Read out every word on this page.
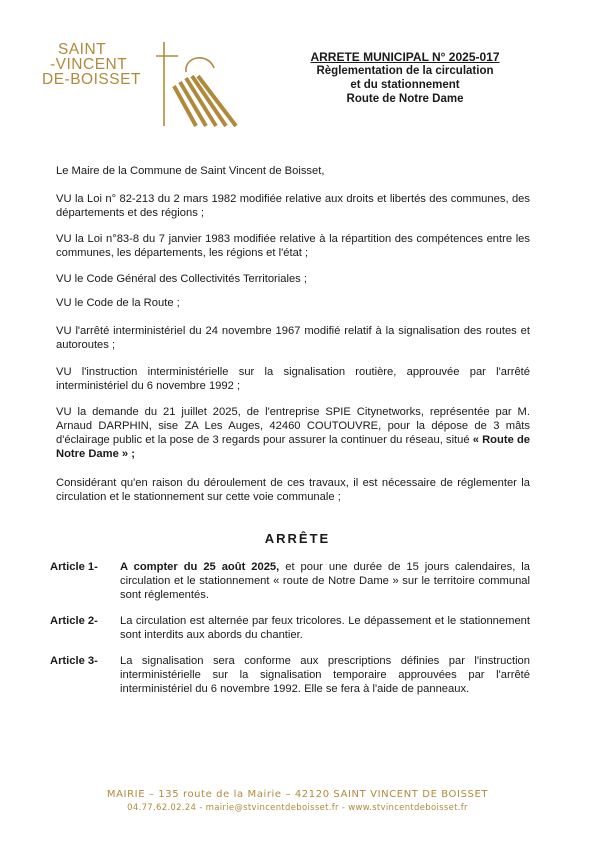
SAINT
-VINCENT
DE-BOISSET
ARRETE MUNICIPAL N° 2025-017
Règlementation de la circulation
et du stationnement
Route de Notre Dame
Le Maire de la Commune de Saint Vincent de Boisset,
VU la Loi n° 82-213 du 2 mars 1982 modifiée relative aux droits et libertés des communes, des départements et des régions ;
VU la Loi n°83-8 du 7 janvier 1983 modifiée relative à la répartition des compétences entre les communes, les départements, les régions et l'état ;
VU le Code Général des Collectivités Territoriales ;
VU le Code de la Route ;
VU l'arrêté interministériel du 24 novembre 1967 modifié relatif à la signalisation des routes et autoroutes ;
VU l'instruction interministérielle sur la signalisation routière, approuvée par l'arrêté interministériel du 6 novembre 1992 ;
VU la demande du 21 juillet 2025, de l'entreprise SPIE Citynetworks, représentée par M. Arnaud DARPHIN, sise ZA Les Auges, 42460 COUTOUVRE, pour la dépose de 3 mâts d'éclairage public et la pose de 3 regards pour assurer la continuer du réseau, situé « Route de Notre Dame » ;
Considérant qu'en raison du déroulement de ces travaux, il est nécessaire de réglementer la circulation et le stationnement sur cette voie communale ;
ARRÊTE
Article 1- A compter du 25 août 2025, et pour une durée de 15 jours calendaires, la circulation et le stationnement « route de Notre Dame » sur le territoire communal sont réglementés.
Article 2- La circulation est alternée par feux tricolores. Le dépassement et le stationnement sont interdits aux abords du chantier.
Article 3- La signalisation sera conforme aux prescriptions définies par l'instruction interministérielle sur la signalisation temporaire approuvées par l'arrêté interministériel du 6 novembre 1992. Elle se fera à l'aide de panneaux.
MAIRIE – 135 route de la Mairie – 42120 SAINT VINCENT DE BOISSET
04.77.62.02.24 - mairie@stvincentdeboisset.fr - www.stvincentdeboisset.fr
